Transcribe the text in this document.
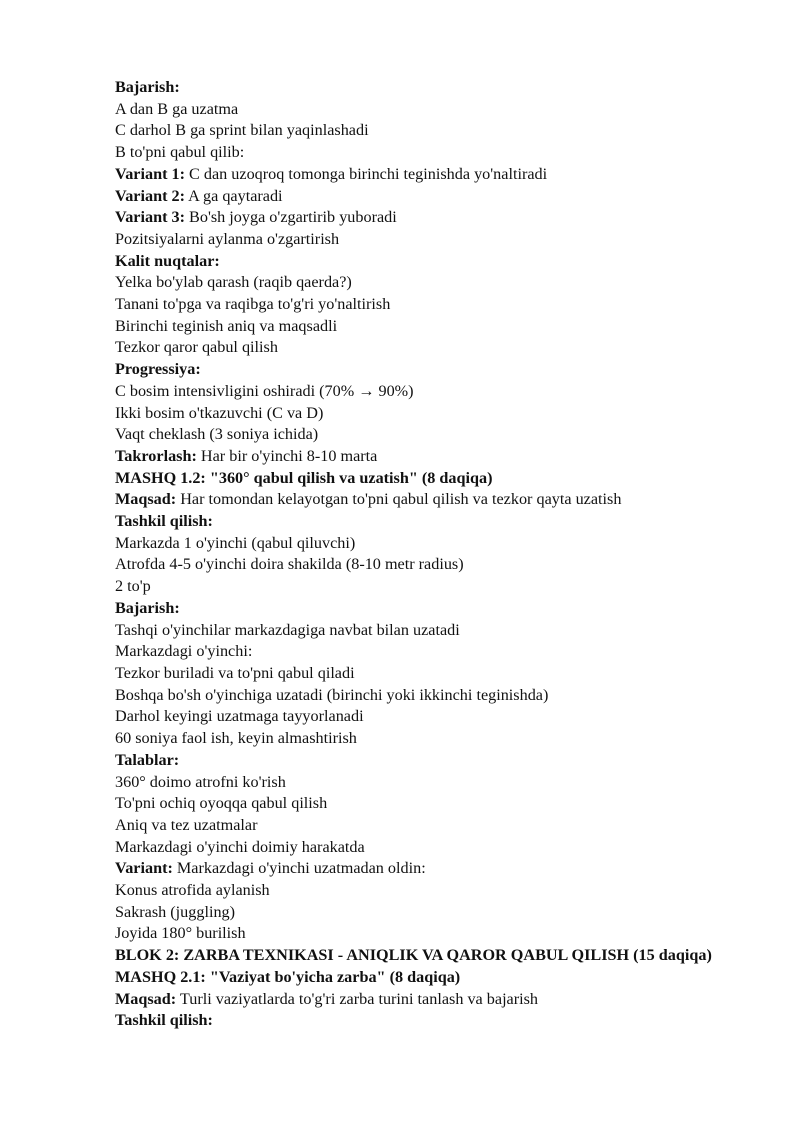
Bajarish:
A dan B ga uzatma
C darhol B ga sprint bilan yaqinlashadi
B to'pni qabul qilib:
Variant 1: C dan uzoqroq tomonga birinchi teginishda yo'naltiradi
Variant 2: A ga qaytaradi
Variant 3: Bo'sh joyga o'zgartirib yuboradi
Pozitsiyalarni aylanma o'zgartirish
Kalit nuqtalar:
Yelka bo'ylab qarash (raqib qaerda?)
Tanani to'pga va raqibga to'g'ri yo'naltirish
Birinchi teginish aniq va maqsadli
Tezkor qaror qabul qilish
Progressiya:
C bosim intensivligini oshiradi (70% → 90%)
Ikki bosim o'tkazuvchi (C va D)
Vaqt cheklash (3 soniya ichida)
Takrorlash: Har bir o'yinchi 8-10 marta
MASHQ 1.2: "360° qabul qilish va uzatish" (8 daqiqa)
Maqsad: Har tomondan kelayotgan to'pni qabul qilish va tezkor qayta uzatish
Tashkil qilish:
Markazda 1 o'yinchi (qabul qiluvchi)
Atrofda 4-5 o'yinchi doira shakilda (8-10 metr radius)
2 to'p
Bajarish:
Tashqi o'yinchilar markazdagiga navbat bilan uzatadi
Markazdagi o'yinchi:
Tezkor buriladi va to'pni qabul qiladi
Boshqa bo'sh o'yinchiga uzatadi (birinchi yoki ikkinchi teginishda)
Darhol keyingi uzatmaga tayyorlanadi
60 soniya faol ish, keyin almashtirish
Talablar:
360° doimo atrofni ko'rish
To'pni ochiq oyoqqa qabul qilish
Aniq va tez uzatmalar
Markazdagi o'yinchi doimiy harakatda
Variant: Markazdagi o'yinchi uzatmadan oldin:
Konus atrofida aylanish
Sakrash (juggling)
Joyida 180° burilish
BLOK 2: ZARBA TEXNIKASI - ANIQLIK VA QAROR QABUL QILISH (15 daqiqa)
MASHQ 2.1: "Vaziyat bo'yicha zarba" (8 daqiqa)
Maqsad: Turli vaziyatlarda to'g'ri zarba turini tanlash va bajarish
Tashkil qilish:
